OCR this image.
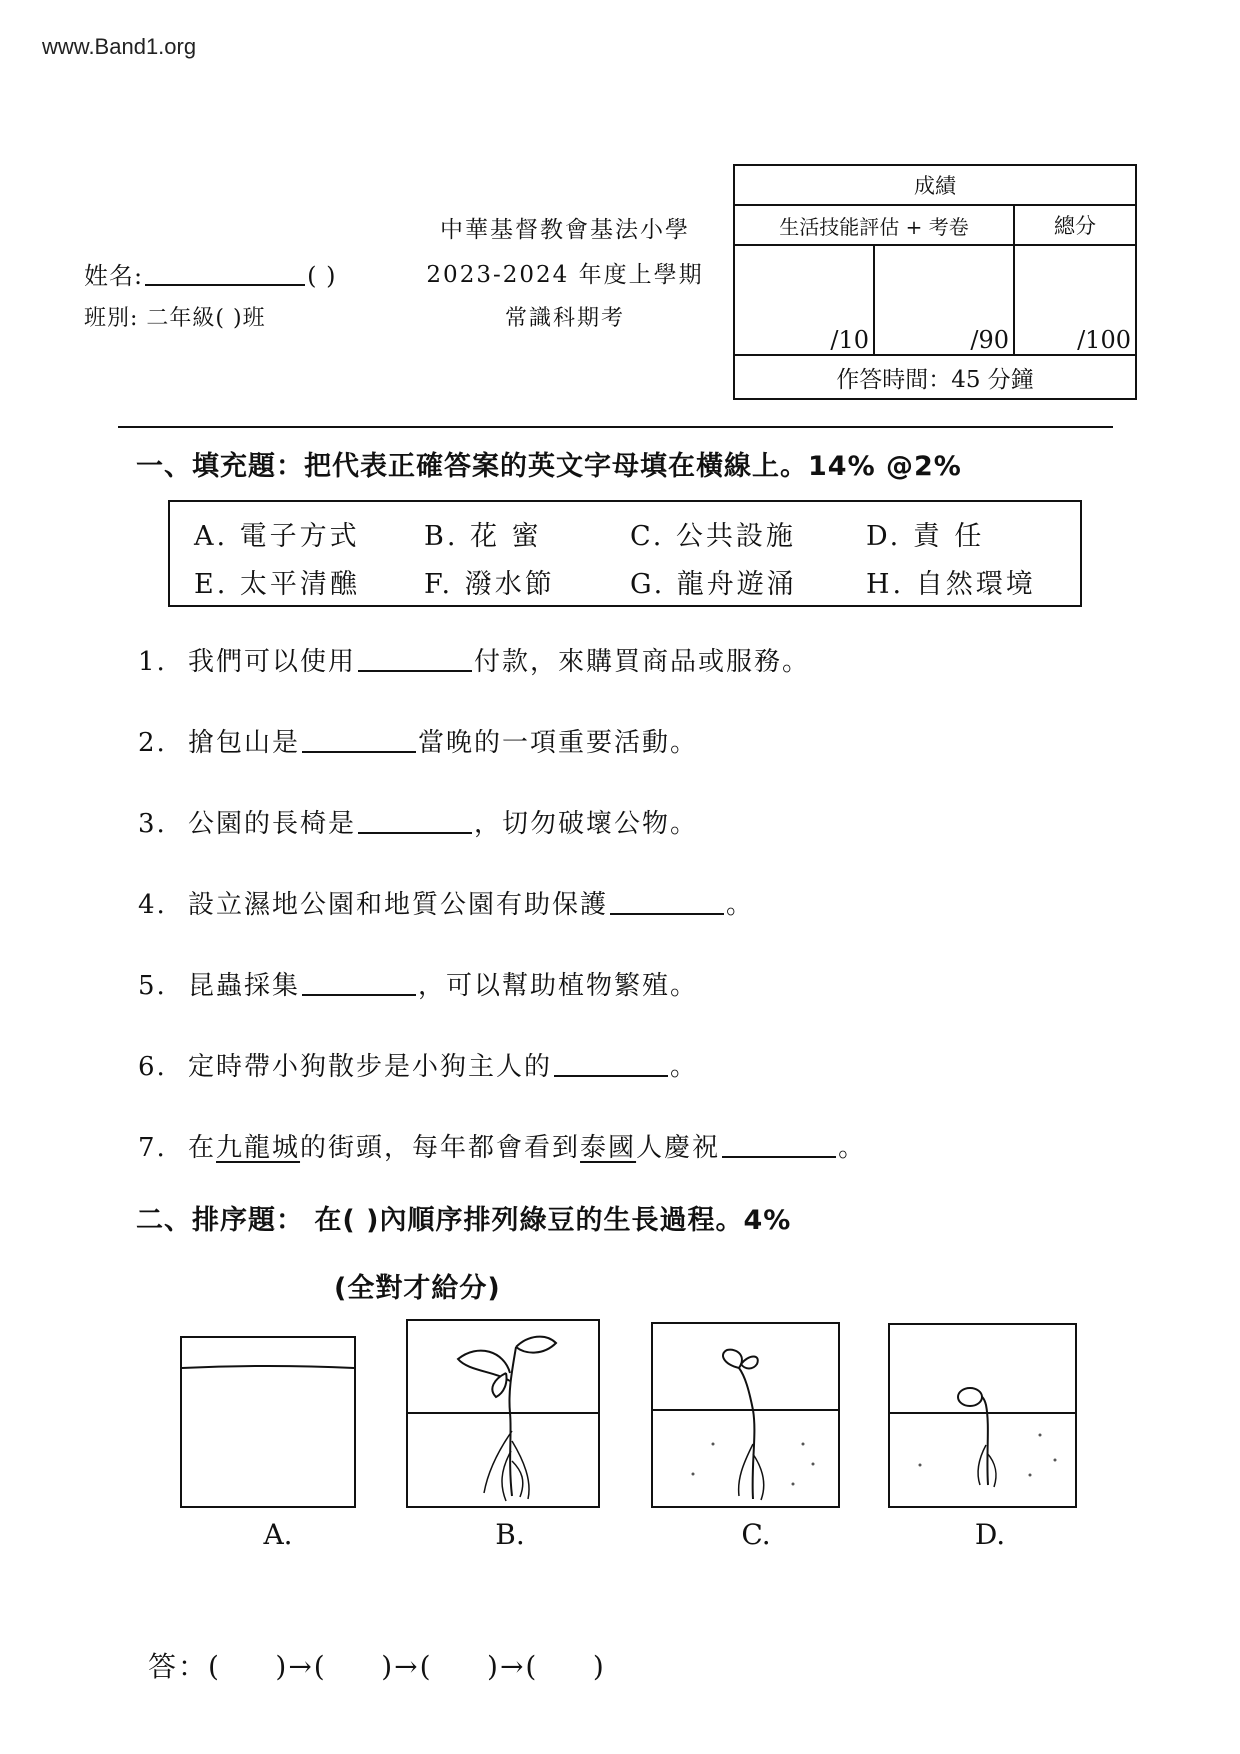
www.Band1.org
姓名:	( )
班別: 二年級( )班
中華基督教會基法小學
2023-2024 年度上學期
常識科期考
成績		
生活技能評估 + 考卷		總分
/10	/90	/100
作答時間：45 分鐘		
一、填充題：把代表正確答案的英文字母填在橫線上。14% @2%
A. 電子方式 B. 花 蜜	C. 公共設施	D. 責 任
E. 太平清醮 F. 潑水節	G. 龍舟遊涌	H. 自然環境
1. 我們可以使用	付款，來購買商品或服務。
2. 搶包山是	當晚的一項重要活動。
3. 公園的長椅是	，切勿破壞公物。
4. 設立濕地公園和地質公園有助保護	。
5. 昆蟲採集	，可以幫助植物繁殖。
6. 定時帶小狗散步是小狗主人的	。
7. 在九龍城的街頭，每年都會看到泰國人慶祝	。
二、排序題： 在( )內順序排列綠豆的生長過程。4%
(全對才給分)
A.	B.	C.	D.
答：(     )→(     )→(     )→(     )
